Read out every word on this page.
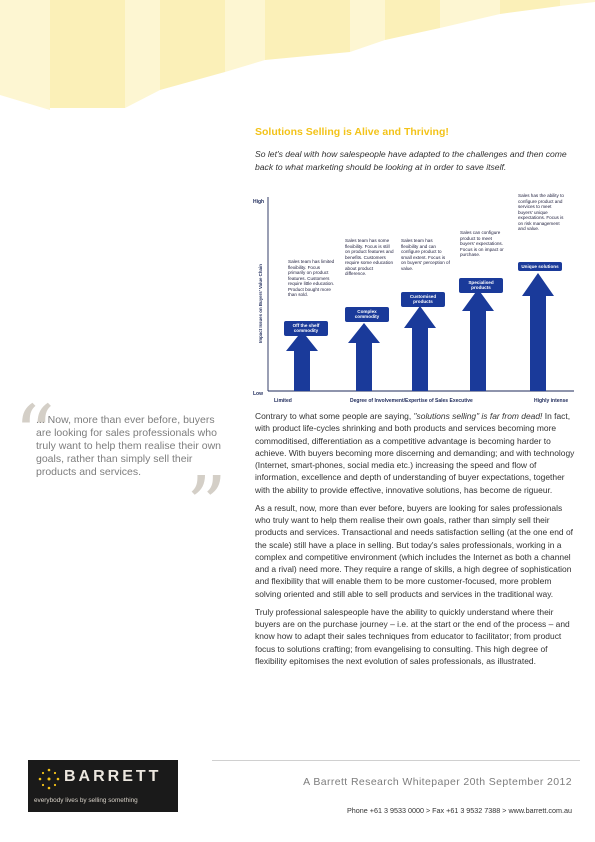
Solutions Selling is Alive and Thriving!
So let's deal with how salespeople have adapted to the challenges and then come back to what marketing should be looking at in order to save itself.
High
Low
Impact Issues on Buyers' Value Chain
Limited	Degree of Involvement/Expertise of Sales Executive	Highly intense
Sales team has limited flexibility. Focus primarily on product features. Customers require little education. Product bought more than sold.
Off the shelf commodity
Sales team has some flexibility. Focus is still on product features and benefits. Customers require some education about product difference.
Complex commodity
Sales team has flexibility and can configure product to small extent. Focus is on buyers' perception of value.
Customised products
Sales can configure product to meet buyers' expectations. Focus is on impact or purchase.
Specialised products
Sales has the ability to configure product and services to meet buyers' unique expectations. Focus is on risk management and value.
Unique solutions

Contrary to what some people are saying, "solutions selling" is far from dead! In fact, with product life-cycles shrinking and both products and services becoming more commoditised, differentiation as a competitive advantage is becoming harder to achieve. With buyers becoming more discerning and demanding; and with technology (Internet, smart-phones, social media etc.) increasing the speed and flow of information, excellence and depth of understanding of buyer expectations, together with the ability to provide effective, innovative solutions, has become de rigueur.

As a result, now, more than ever before, buyers are looking for sales professionals who truly want to help them realise their own goals, rather than simply sell their products and services. Transactional and needs satisfaction selling (at the one end of the scale) still have a place in selling. But today's sales professionals, working in a complex and competitive environment (which includes the Internet as both a channel and a rival) need more. They require a range of skills, a high degree of sophistication and flexibility that will enable them to be more customer-focused, more problem solving oriented and still able to sell products and services in the traditional way.

Truly professional salespeople have the ability to quickly understand where their buyers are on the purchase journey – i.e. at the start or the end of the process – and know how to adapt their sales techniques from educator to facilitator; from product focus to solutions crafting; from evangelising to consulting. This high degree of flexibility epitomises the next evolution of sales professionals, as illustrated.

“
... Now, more than ever before, buyers are looking for sales professionals who truly want to help them realise their own goals, rather than simply sell their products and services. ”
BARRETT
everybody lives by selling something
A Barrett Research Whitepaper 20th September 2012
Phone +61 3 9533 0000 > Fax +61 3 9532 7388 > www.barrett.com.au
